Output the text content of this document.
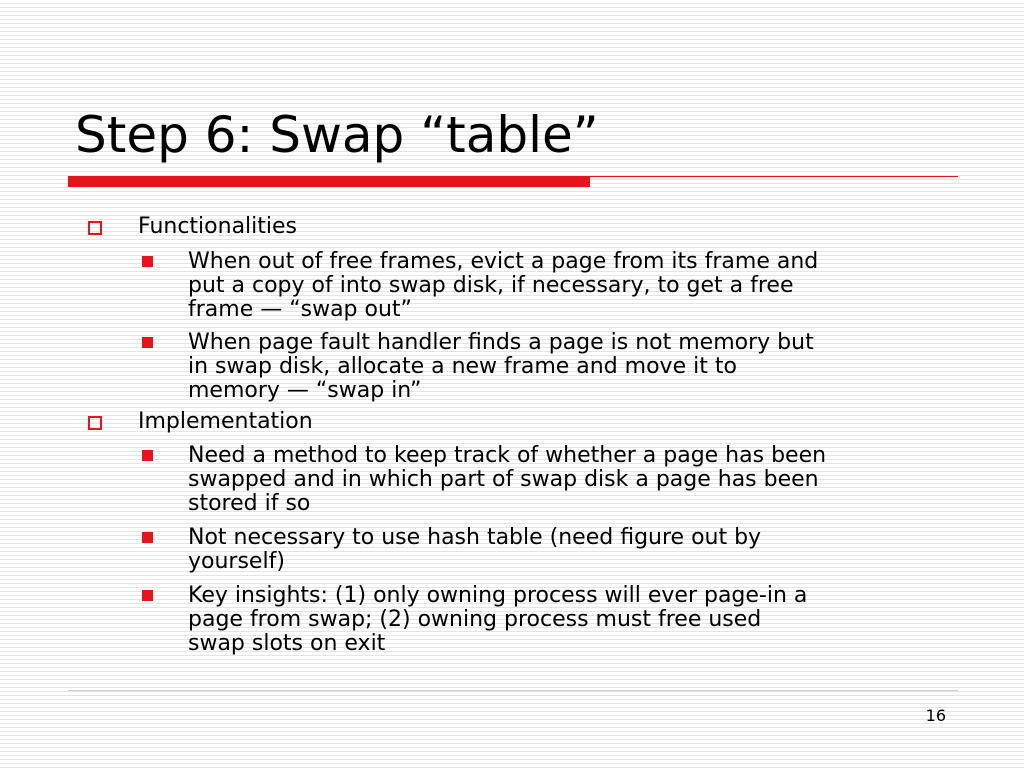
Step 6: Swap “table”

Functionalities

When out of free frames, evict a page from its frame and
put a copy of into swap disk, if necessary, to get a free
frame — “swap out”

When page fault handler finds a page is not memory but
in swap disk, allocate a new frame and move it to
memory — “swap in”

Implementation

Need a method to keep track of whether a page has been
swapped and in which part of swap disk a page has been
stored if so

Not necessary to use hash table (need figure out by
yourself)

Key insights: (1) only owning process will ever page-in a
page from swap; (2) owning process must free used
swap slots on exit

16
